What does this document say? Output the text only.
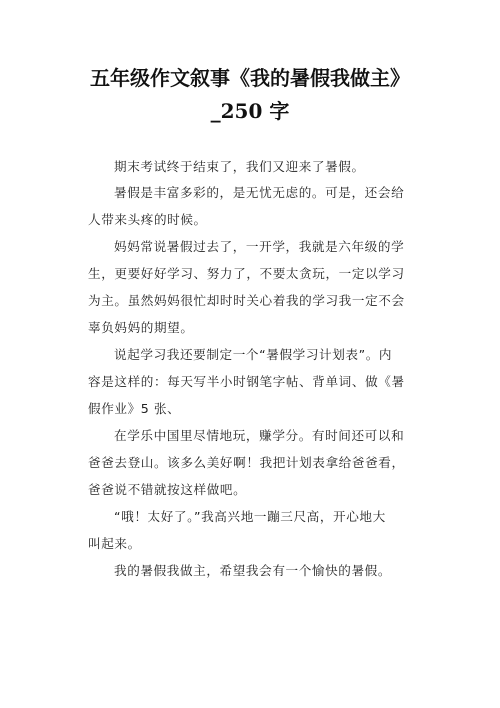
五年级作文叙事《我的暑假我做主》
_250 字
期末考试终于结束了，我们又迎来了暑假。
暑假是丰富多彩的，是无忧无虑的。可是，还会给
人带来头疼的时候。
妈妈常说暑假过去了，一开学，我就是六年级的学
生，更要好好学习、努力了，不要太贪玩，一定以学习
为主。虽然妈妈很忙却时时关心着我的学习我一定不会
辜负妈妈的期望。
说起学习我还要制定一个“暑假学习计划表”。内
容是这样的：每天写半小时钢笔字帖、背单词、做《暑
假作业》5 张、
在学乐中国里尽情地玩，赚学分。有时间还可以和
爸爸去登山。该多么美好啊！我把计划表拿给爸爸看，
爸爸说不错就按这样做吧。
“哦！太好了。”我高兴地一蹦三尺高，开心地大
叫起来。
我的暑假我做主，希望我会有一个愉快的暑假。
